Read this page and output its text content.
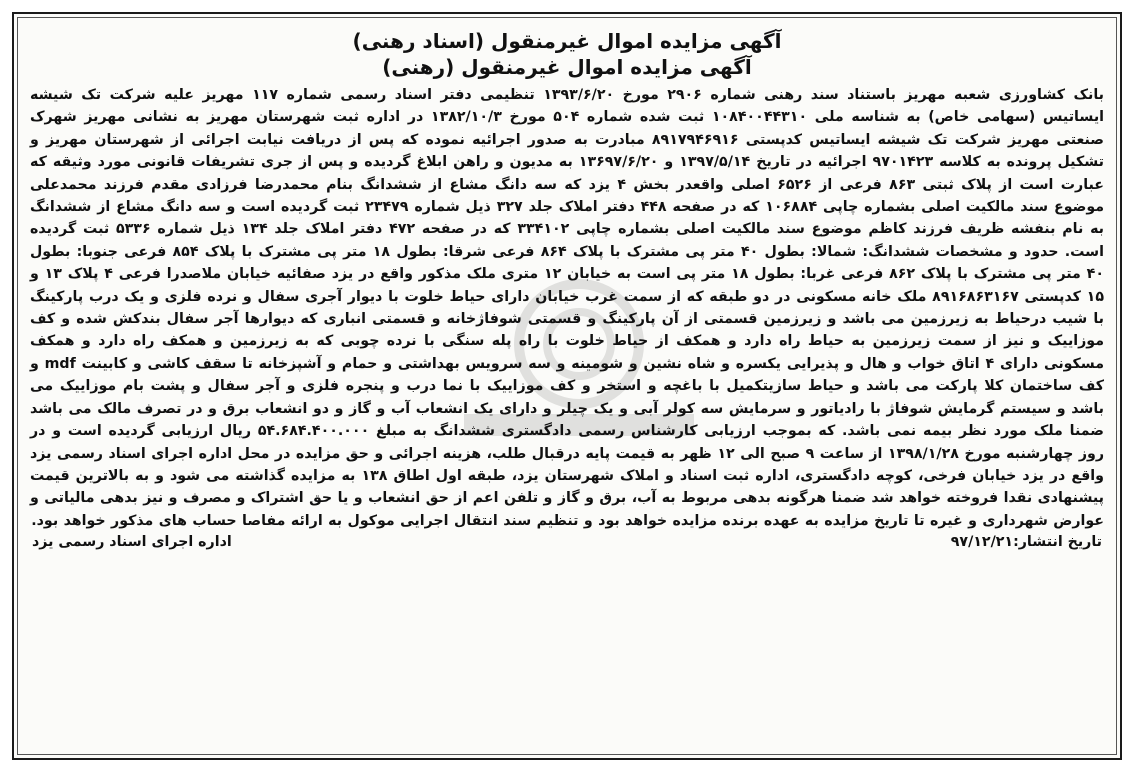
آگهی مزایده اموال غیرمنقول (اسناد رهنی)

آگهی مزایده اموال غیرمنقول (رهنی)

بانک کشاورزی شعبه مهریز باستناد سند رهنی شماره ۲۹۰۶ مورخ ۱۳۹۳/۶/۲۰ تنظیمی دفتر اسناد رسمی شماره ۱۱۷ مهریز علیه شرکت تک شیشه ایساتیس (سهامی خاص) به شناسه ملی ۱۰۸۴۰۰۴۴۳۱۰ ثبت شده شماره ۵۰۴ مورخ ۱۳۸۲/۱۰/۳ در اداره ثبت شهرستان مهریز به نشانی مهریز شهرک صنعتی مهریز شرکت تک شیشه ایساتیس کدپستی ۸۹۱۷۹۴۶۹۱۶ مبادرت به صدور اجرائیه نموده که پس از دریافت نیابت اجرائی از شهرستان مهریز و تشکیل پرونده به کلاسه ۹۷۰۱۴۲۳ اجرائیه در تاریخ ۱۳۹۷/۵/۱۴ و ۱۳۶۹۷/۶/۲۰ به مدیون و راهن ابلاغ گردیده و پس از جری تشریفات قانونی مورد وثیقه که عبارت است از پلاک ثبتی ۸۶۳ فرعی از ۶۵۲۶ اصلی واقعدر بخش ۴ یزد که سه دانگ مشاع از ششدانگ بنام محمدرضا فرزادی مقدم فرزند محمدعلی موضوع سند مالکیت اصلی بشماره چاپی ۱۰۶۸۸۴ که در صفحه ۴۴۸ دفتر املاک جلد ۳۲۷ ذیل شماره ۲۳۴۷۹ ثبت گردیده است و سه دانگ مشاع از ششدانگ به نام بنفشه ظریف فرزند کاظم موضوع سند مالکیت اصلی بشماره چاپی ۳۳۴۱۰۲ که در صفحه ۴۷۲ دفتر املاک جلد ۱۳۴ ذیل شماره ۵۳۳۶ ثبت گردیده است. حدود و مشخصات ششدانگ: شمالا: بطول ۴۰ متر پی مشترک با پلاک ۸۶۴ فرعی شرقا: بطول ۱۸ متر پی مشترک با پلاک ۸۵۴ فرعی جنوبا: بطول ۴۰ متر پی مشترک با پلاک ۸۶۲ فرعی غربا: بطول ۱۸ متر پی است به خیابان ۱۲ متری ملک مذکور واقع در یزد صفائیه خیابان ملاصدرا فرعی ۴ پلاک ۱۳ و ۱۵ کدپستی ۸۹۱۶۸۶۳۱۶۷ ملک خانه مسکونی در دو طبقه که از سمت غرب خیابان دارای حیاط خلوت با دیوار آجری سفال و نرده فلزی و یک درب پارکینگ با شیب درحیاط به زیرزمین می باشد و زیرزمین قسمتی از آن پارکینگ و قسمتی شوفاژخانه و قسمتی انباری که دیوارها آجر سفال بندکش شده و کف موزاییک و نیز از سمت زیرزمین به حیاط راه دارد و همکف از حیاط خلوت با راه پله سنگی با نرده چوبی که به زیرزمین و همکف راه دارد و همکف مسکونی دارای ۴ اتاق خواب و هال و پذیرایی یکسره و شاه نشین و شومینه و سه سرویس بهداشتی و حمام و آشپزخانه تا سقف کاشی و کابینت mdf و کف ساختمان کلا پارکت می باشد و حیاط سازیتکمیل با باغچه و استخر و کف موزاییک با نما درب و پنجره فلزی و آجر سفال و پشت بام موزاییک می باشد و سیستم گرمایش شوفاژ با رادیاتور و سرمایش سه کولر آبی و یک چیلر و دارای یک انشعاب آب و گاز و دو انشعاب برق و در تصرف مالک می باشد ضمنا ملک مورد نظر بیمه نمی باشد. که بموجب ارزیابی کارشناس رسمی دادگستری ششدانگ به مبلغ ۵۴.۶۸۴.۴۰۰.۰۰۰ ریال ارزیابی گردیده است و در روز چهارشنبه مورخ ۱۳۹۸/۱/۲۸ از ساعت ۹ صبح الی ۱۲ ظهر به قیمت پایه درقبال طلب، هزینه اجرائی و حق مزایده در محل اداره اجرای اسناد رسمی یزد واقع در یزد خیابان فرخی، کوچه دادگستری، اداره ثبت اسناد و املاک شهرستان یزد، طبقه اول اطاق ۱۳۸ به مزایده گذاشته می شود و به بالاترین قیمت پیشنهادی نقدا فروخته خواهد شد ضمنا هرگونه بدهی مربوط به آب، برق و گاز و تلفن اعم از حق انشعاب و یا حق اشتراک و مصرف و نیز بدهی مالیاتی و عوارض شهرداری و غیره تا تاریخ مزایده به عهده برنده مزایده خواهد بود و تنظیم سند انتقال اجرایی موکول به ارائه مفاصا حساب های مذکور خواهد بود.

تاریخ انتشار:۹۷/۱۲/۲۱
اداره اجرای اسناد رسمی یزد
